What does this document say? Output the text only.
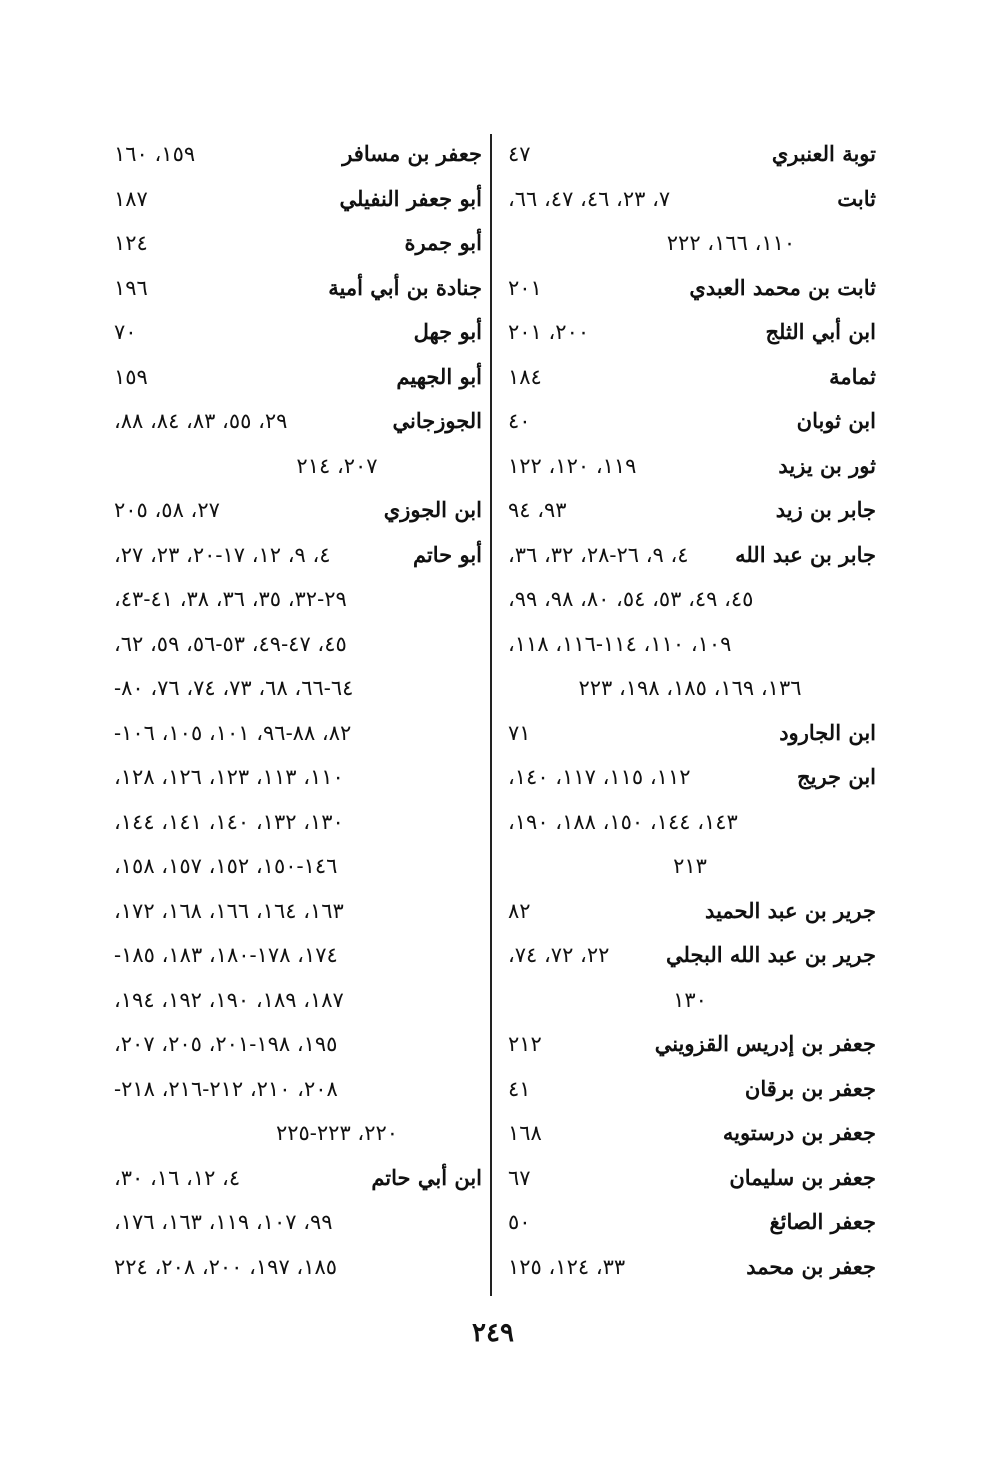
توبة العنبري
٤٧
ثابت
٧، ٢٣، ٤٦، ٤٧، ٦٦،
١١٠، ١٦٦، ٢٢٢
ثابت بن محمد العبدي
٢٠١
ابن أبي الثلج
٢٠٠، ٢٠١
ثمامة
١٨٤
ابن ثوبان
٤٠
ثور بن يزيد
١١٩، ١٢٠، ١٢٢
جابر بن زيد
٩٣، ٩٤
جابر بن عبد الله
٤، ٩، ٢٦-٢٨، ٣٢، ٣٦،
٤٥، ٤٩، ٥٣، ٥٤، ٨٠، ٩٨، ٩٩،
١٠٩، ١١٠، ١١٤-١١٦، ١١٨،
١٣٦، ١٦٩، ١٨٥، ١٩٨، ٢٢٣
ابن الجارود
٧١
ابن جريج
١١٢، ١١٥، ١١٧، ١٤٠،
١٤٣، ١٤٤، ١٥٠، ١٨٨، ١٩٠،
٢١٣
جرير بن عبد الحميد
٨٢
جرير بن عبد الله البجلي
٢٢، ٧٢، ٧٤،
١٣٠
جعفر بن إدريس القزويني
٢١٢
جعفر بن برقان
٤١
جعفر بن درستويه
١٦٨
جعفر بن سليمان
٦٧
جعفر الصائغ
٥٠
جعفر بن محمد
٣٣، ١٢٤، ١٢٥
جعفر بن مسافر
١٥٩، ١٦٠
أبو جعفر النفيلي
١٨٧
أبو جمرة
١٢٤
جنادة بن أبي أمية
١٩٦
أبو جهل
٧٠
أبو الجهيم
١٥٩
الجوزجاني
٢٩، ٥٥، ٨٣، ٨٤، ٨٨،
٢٠٧، ٢١٤
ابن الجوزي
٢٧، ٥٨، ٢٠٥
أبو حاتم
٤، ٩، ١٢، ١٧-٢٠، ٢٣، ٢٧،
٢٩-٣٢، ٣٥، ٣٦، ٣٨، ٤١-٤٣،
٤٥، ٤٧-٤٩، ٥٣-٥٦، ٥٩، ٦٢،
٦٤-٦٦، ٦٨، ٧٣، ٧٤، ٧٦، ٨٠-
٨٢، ٨٨-٩٦، ١٠١، ١٠٥، ١٠٦-
١١٠، ١١٣، ١٢٣، ١٢٦، ١٢٨،
١٣٠، ١٣٢، ١٤٠، ١٤١، ١٤٤،
١٤٦-١٥٠، ١٥٢، ١٥٧، ١٥٨،
١٦٣، ١٦٤، ١٦٦، ١٦٨، ١٧٢،
١٧٤، ١٧٨-١٨٠، ١٨٣، ١٨٥-
١٨٧، ١٨٩، ١٩٠، ١٩٢، ١٩٤،
١٩٥، ١٩٨-٢٠١، ٢٠٥، ٢٠٧،
٢٠٨، ٢١٠، ٢١٢-٢١٦، ٢١٨-
٢٢٠، ٢٢٣-٢٢٥
ابن أبي حاتم
٤، ١٢، ١٦، ٣٠،
٩٩، ١٠٧، ١١٩، ١٦٣، ١٧٦،
١٨٥، ١٩٧، ٢٠٠، ٢٠٨، ٢٢٤
٢٤٩
